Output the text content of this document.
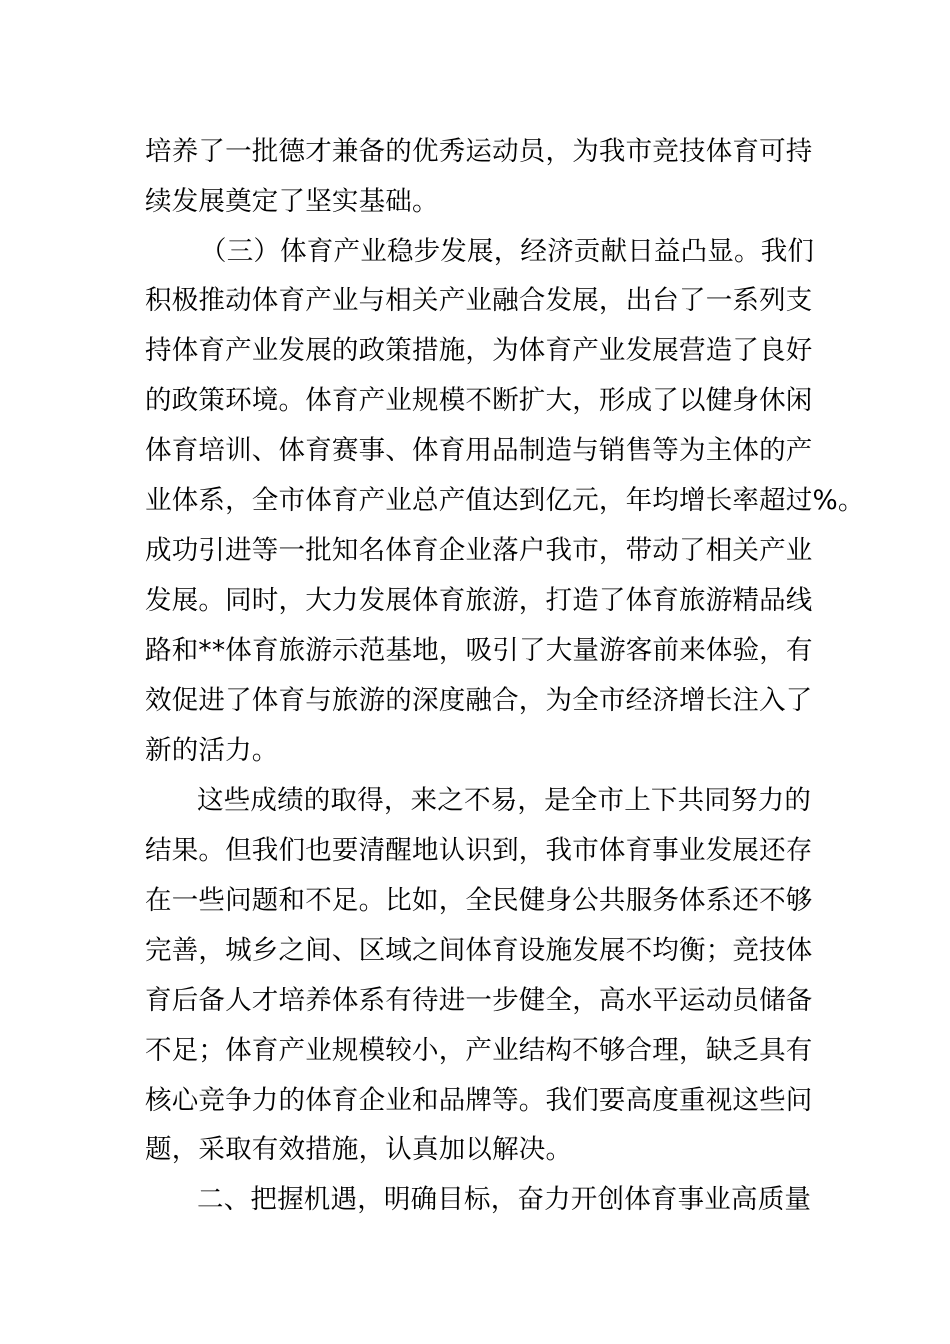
培养了一批德才兼备的优秀运动员，为我市竞技体育可持
续发展奠定了坚实基础。
（三）体育产业稳步发展，经济贡献日益凸显。我们
积极推动体育产业与相关产业融合发展，出台了一系列支
持体育产业发展的政策措施，为体育产业发展营造了良好
的政策环境。体育产业规模不断扩大，形成了以健身休闲
体育培训、体育赛事、体育用品制造与销售等为主体的产
业体系，全市体育产业总产值达到亿元，年均增长率超过%。
成功引进等一批知名体育企业落户我市，带动了相关产业
发展。同时，大力发展体育旅游，打造了体育旅游精品线
路和**体育旅游示范基地，吸引了大量游客前来体验，有
效促进了体育与旅游的深度融合，为全市经济增长注入了
新的活力。
这些成绩的取得，来之不易，是全市上下共同努力的
结果。但我们也要清醒地认识到，我市体育事业发展还存
在一些问题和不足。比如，全民健身公共服务体系还不够
完善，城乡之间、区域之间体育设施发展不均衡；竞技体
育后备人才培养体系有待进一步健全，高水平运动员储备
不足；体育产业规模较小，产业结构不够合理，缺乏具有
核心竞争力的体育企业和品牌等。我们要高度重视这些问
题，采取有效措施，认真加以解决。
二、把握机遇，明确目标，奋力开创体育事业高质量
